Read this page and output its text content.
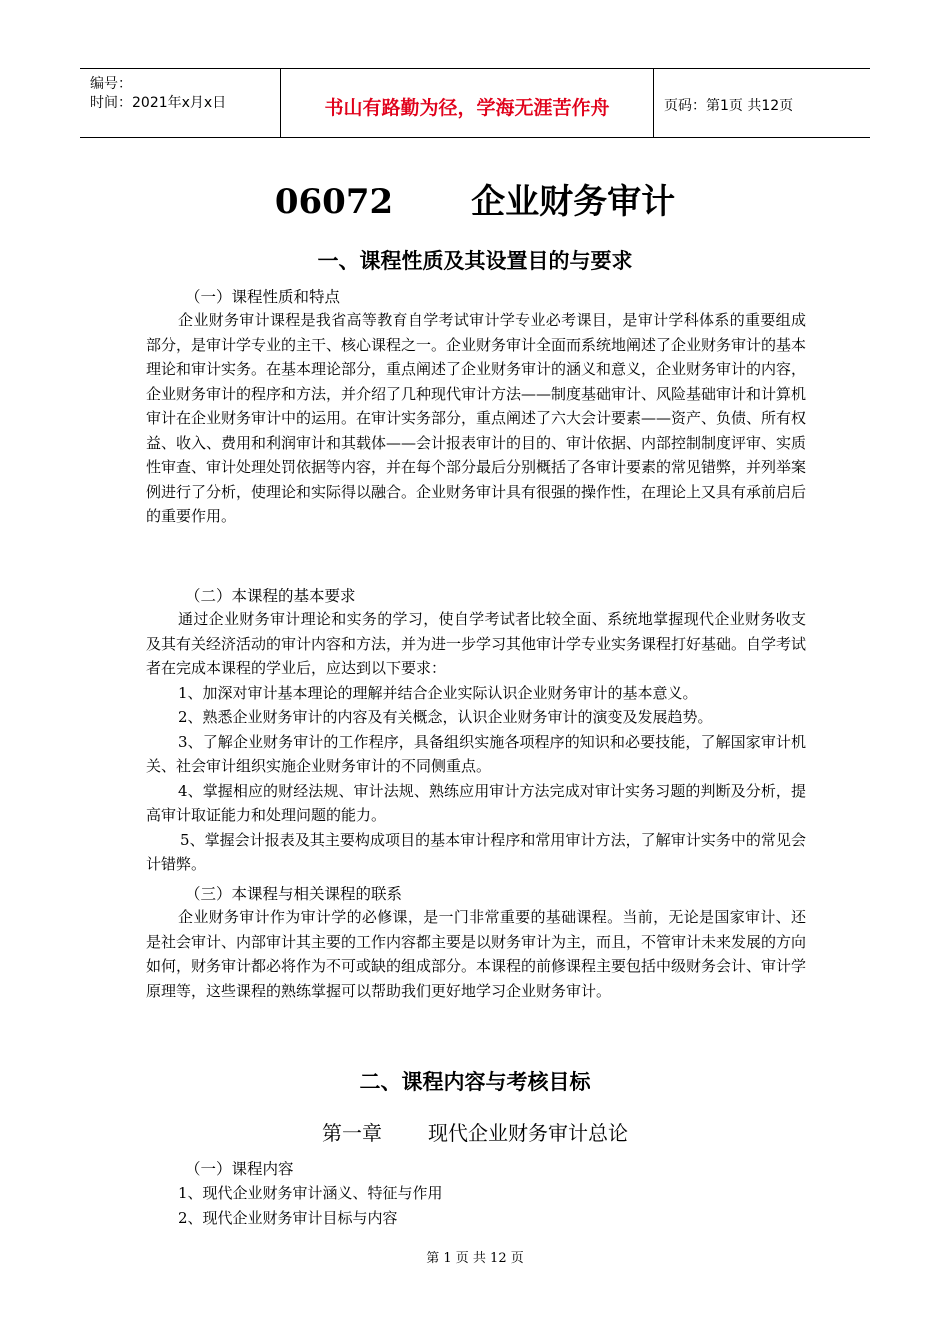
编号：
时间：2021年x月x日	书山有路勤为径，学海无涯苦作舟	页码：第1页 共12页
06072 企业财务审计
一、课程性质及其设置目的与要求
（一）课程性质和特点

企业财务审计课程是我省高等教育自学考试审计学专业必考课目，是审计学科体系的重要组成部分，是审计学专业的主干、核心课程之一。企业财务审计全面而系统地阐述了企业财务审计的基本理论和审计实务。在基本理论部分，重点阐述了企业财务审计的涵义和意义，企业财务审计的内容，企业财务审计的程序和方法，并介绍了几种现代审计方法——制度基础审计、风险基础审计和计算机审计在企业财务审计中的运用。在审计实务部分，重点阐述了六大会计要素——资产、负债、所有权益、收入、费用和利润审计和其载体——会计报表审计的目的、审计依据、内部控制制度评审、实质性审查、审计处理处罚依据等内容，并在每个部分最后分别概括了各审计要素的常见错弊，并列举案例进行了分析，使理论和实际得以融合。企业财务审计具有很强的操作性，在理论上又具有承前启后的重要作用。

（二）本课程的基本要求

通过企业财务审计理论和实务的学习，使自学考试者比较全面、系统地掌握现代企业财务收支及其有关经济活动的审计内容和方法，并为进一步学习其他审计学专业实务课程打好基础。自学考试者在完成本课程的学业后，应达到以下要求：

1、加深对审计基本理论的理解并结合企业实际认识企业财务审计的基本意义。

2、熟悉企业财务审计的内容及有关概念，认识企业财务审计的演变及发展趋势。

3、了解企业财务审计的工作程序，具备组织实施各项程序的知识和必要技能，了解国家审计机关、社会审计组织实施企业财务审计的不同侧重点。

4、掌握相应的财经法规、审计法规、熟练应用审计方法完成对审计实务习题的判断及分析，提高审计取证能力和处理问题的能力。

5、掌握会计报表及其主要构成项目的基本审计程序和常用审计方法，了解审计实务中的常见会计错弊。

（三）本课程与相关课程的联系

企业财务审计作为审计学的必修课，是一门非常重要的基础课程。当前，无论是国家审计、还是社会审计、内部审计其主要的工作内容都主要是以财务审计为主，而且，不管审计未来发展的方向如何，财务审计都必将作为不可或缺的组成部分。本课程的前修课程主要包括中级财务会计、审计学原理等，这些课程的熟练掌握可以帮助我们更好地学习企业财务审计。

二、课程内容与考核目标
第一章 现代企业财务审计总论
（一）课程内容
1、现代企业财务审计涵义、特征与作用
2、现代企业财务审计目标与内容
第 1 页 共 12 页
